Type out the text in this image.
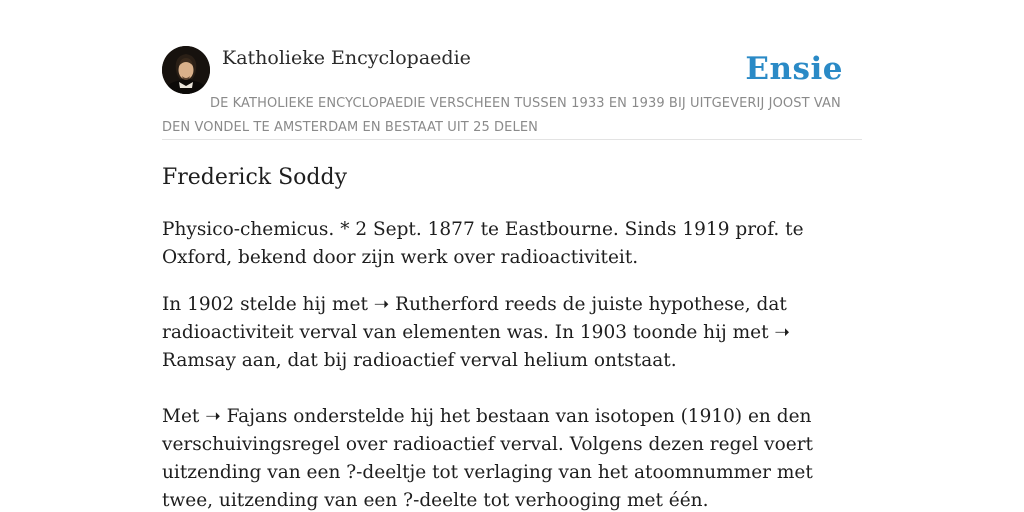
Katholieke Encyclopaedie	Ensie
DE KATHOLIEKE ENCYCLOPAEDIE VERSCHEEN TUSSEN 1933 EN 1939 BIJ UITGEVERIJ JOOST VAN DEN VONDEL TE AMSTERDAM EN BESTAAT UIT 25 DELEN
Frederick Soddy

Physico-chemicus. * 2 Sept. 1877 te Eastbourne. Sinds 1919 prof. te Oxford, bekend door zijn werk over radioactiviteit.

In 1902 stelde hij met ➝ Rutherford reeds de juiste hypothese, dat radioactiviteit verval van elementen was. In 1903 toonde hij met ➝ Ramsay aan, dat bij radioactief verval helium ontstaat.

Met ➝ Fajans onderstelde hij het bestaan van isotopen (1910) en den verschuivingsregel over radioactief verval. Volgens dezen regel voert uitzending van een ?-deeltje tot verlaging van het atoomnummer met twee, uitzending van een ?-deelte tot verhooging met één.
